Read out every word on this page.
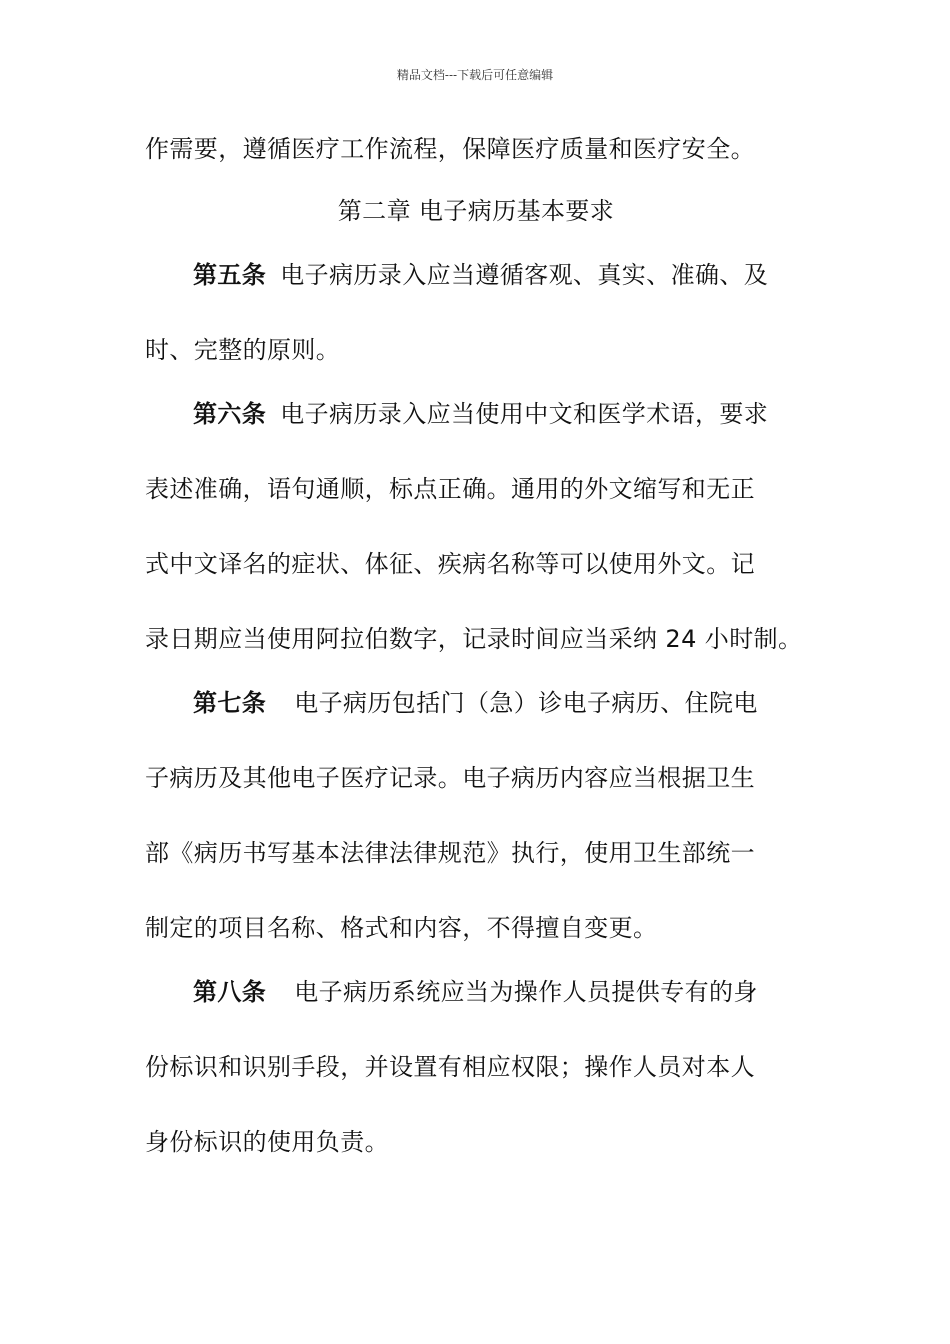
精品文档---下载后可任意编辑
作需要，遵循医疗工作流程，保障医疗质量和医疗安全。
第二章 电子病历基本要求
第五条 电子病历录入应当遵循客观、真实、准确、及
时、完整的原则。
第六条 电子病历录入应当使用中文和医学术语，要求
表述准确，语句通顺，标点正确。通用的外文缩写和无正
式中文译名的症状、体征、疾病名称等可以使用外文。记
录日期应当使用阿拉伯数字，记录时间应当采纳 24 小时制。
第七条 电子病历包括门（急）诊电子病历、住院电
子病历及其他电子医疗记录。电子病历内容应当根据卫生
部《病历书写基本法律法律规范》执行，使用卫生部统一
制定的项目名称、格式和内容，不得擅自变更。
第八条 电子病历系统应当为操作人员提供专有的身
份标识和识别手段，并设置有相应权限；操作人员对本人
身份标识的使用负责。
